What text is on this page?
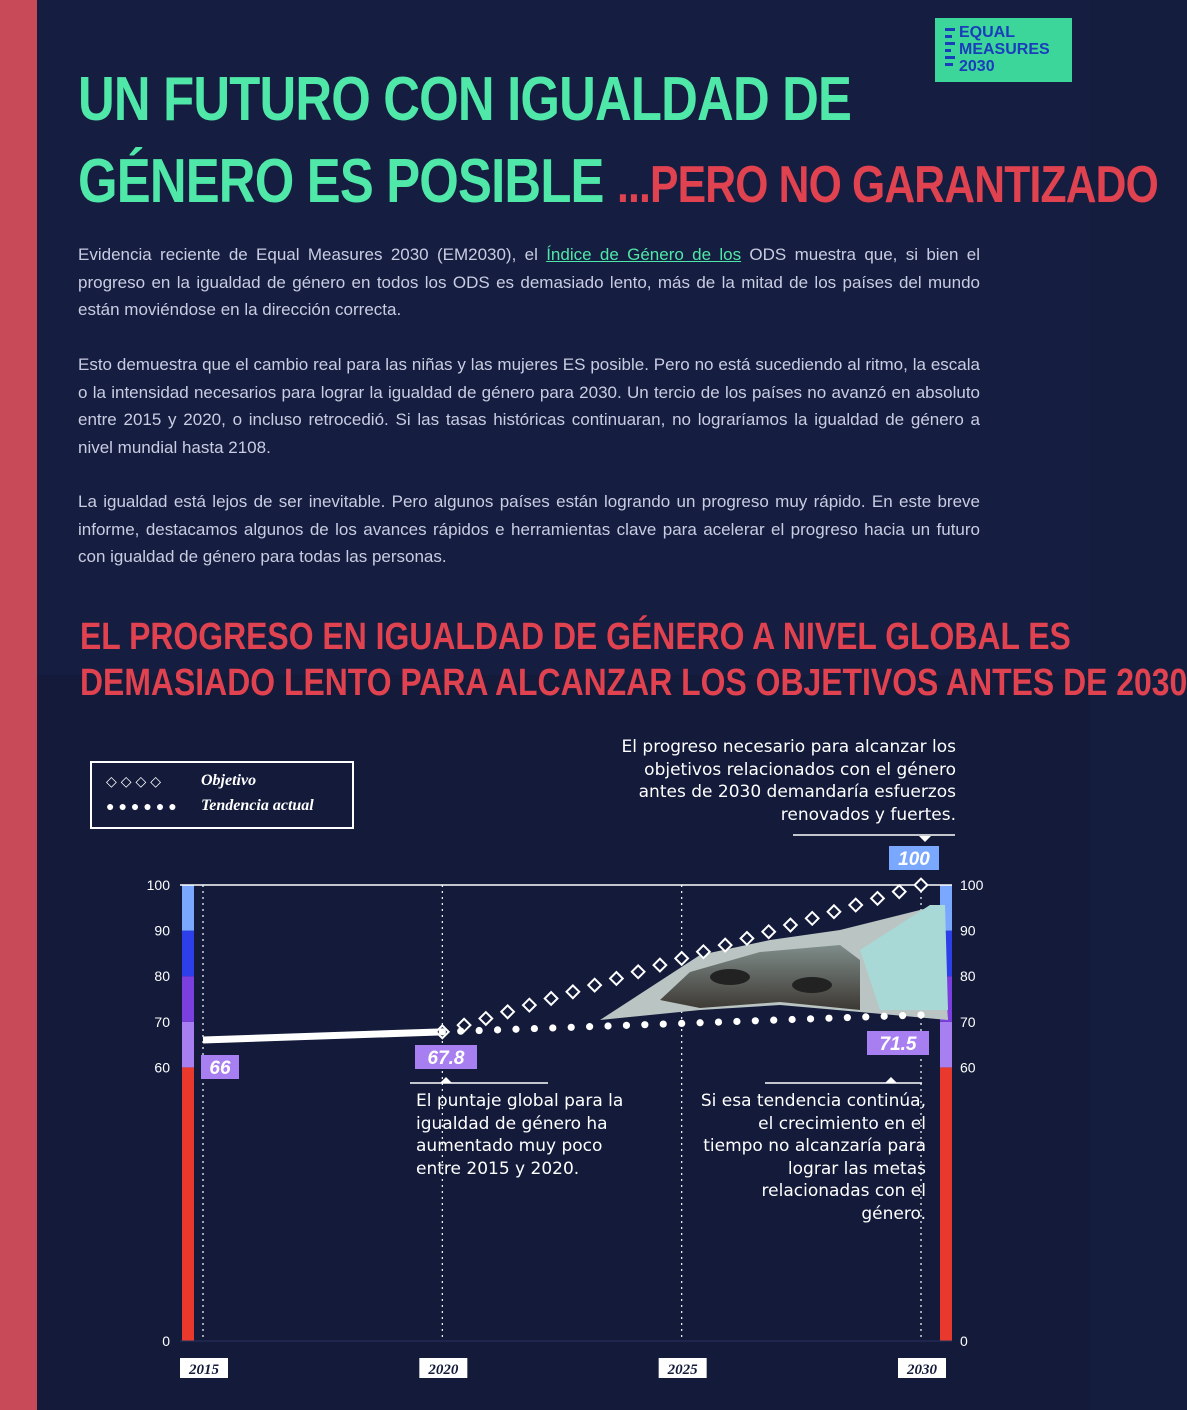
EQUAL
MEASURES
2030
UN FUTURO CON IGUALDAD DE
GÉNERO ES POSIBLE ...PERO NO GARANTIZADO

Evidencia reciente de Equal Measures 2030 (EM2030), el Índice de Género de los ODS muestra que, si bien el progreso en la igualdad de género en todos los ODS es demasiado lento, más de la mitad de los países del mundo están moviéndose en la dirección correcta.

Esto demuestra que el cambio real para las niñas y las mujeres ES posible. Pero no está sucediendo al ritmo, la escala o la intensidad necesarios para lograr la igualdad de género para 2030. Un tercio de los países no avanzó en absoluto entre 2015 y 2020, o incluso retrocedió. Si las tasas históricas continuaran, no lograríamos la igualdad de género a nivel mundial hasta 2108.

La igualdad está lejos de ser inevitable. Pero algunos países están logrando un progreso muy rápido. En este breve informe, destacamos algunos de los avances rápidos e herramientas clave para acelerar el progreso hacia un futuro con igualdad de género para todas las personas.

EL PROGRESO EN IGUALDAD DE GÉNERO A NIVEL GLOBAL ES
DEMASIADO LENTO PARA ALCANZAR LOS OBJETIVOS ANTES DE 2030
0	0
60	60
70	70
80	80
90	90
100	100
2015	2020	2025	2030
66	67.8
71.5
100
◇◇◇◇ Objetivo
●●●●●● Tendencia actual

El progreso necesario para alcanzar los objetivos relacionados con el género antes de 2030 demandaría esfuerzos renovados y fuertes.

El puntaje global para la igualdad de género ha aumentado muy poco entre 2015 y 2020.

Si esa tendencia continúa, el crecimiento en el tiempo no alcanzaría para lograr las metas relacionadas con el género.
